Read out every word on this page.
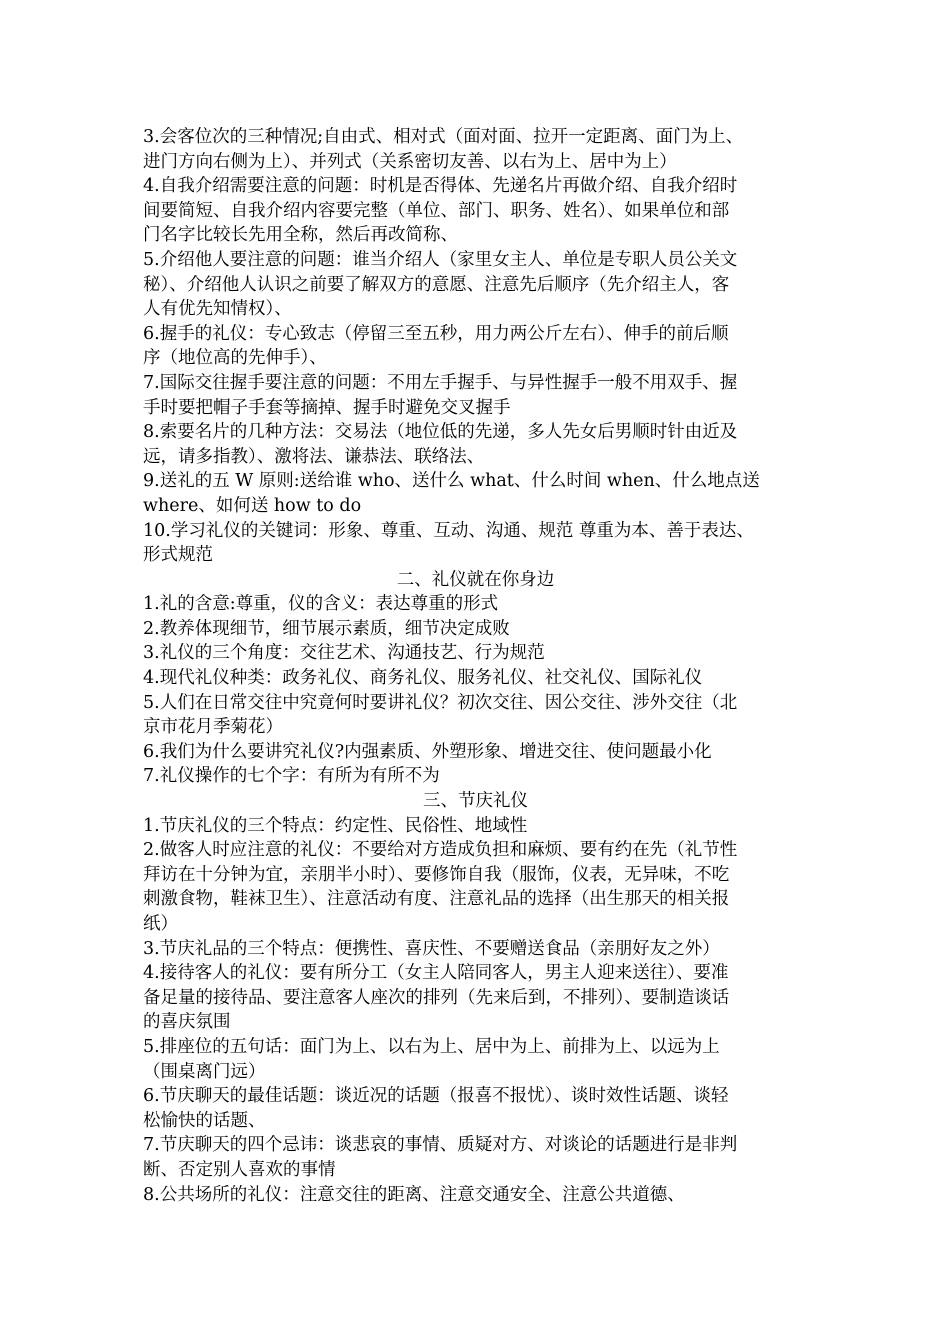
3.会客位次的三种情况;自由式、相对式（面对面、拉开一定距离、面门为上、
进门方向右侧为上）、并列式（关系密切友善、以右为上、居中为上）
4.自我介绍需要注意的问题：时机是否得体、先递名片再做介绍、自我介绍时
间要简短、自我介绍内容要完整（单位、部门、职务、姓名）、如果单位和部
门名字比较长先用全称，然后再改简称、
5.介绍他人要注意的问题：谁当介绍人（家里女主人、单位是专职人员公关文
秘）、介绍他人认识之前要了解双方的意愿、注意先后顺序（先介绍主人，客
人有优先知情权）、
6.握手的礼仪：专心致志（停留三至五秒，用力两公斤左右）、伸手的前后顺
序（地位高的先伸手）、
7.国际交往握手要注意的问题：不用左手握手、与异性握手一般不用双手、握
手时要把帽子手套等摘掉、握手时避免交叉握手
8.索要名片的几种方法：交易法（地位低的先递，多人先女后男顺时针由近及
远，请多指教）、激将法、谦恭法、联络法、
9.送礼的五 W 原则:送给谁 who、送什么 what、什么时间 when、什么地点送
where、如何送 how to do
10.学习礼仪的关键词：形象、尊重、互动、沟通、规范 尊重为本、善于表达、
形式规范
二、礼仪就在你身边
1.礼的含意:尊重，仪的含义：表达尊重的形式
2.教养体现细节，细节展示素质，细节决定成败
3.礼仪的三个角度：交往艺术、沟通技艺、行为规范
4.现代礼仪种类：政务礼仪、商务礼仪、服务礼仪、社交礼仪、国际礼仪
5.人们在日常交往中究竟何时要讲礼仪？初次交往、因公交往、涉外交往（北
京市花月季菊花）
6.我们为什么要讲究礼仪?内强素质、外塑形象、增进交往、使问题最小化
7.礼仪操作的七个字：有所为有所不为
三、节庆礼仪
1.节庆礼仪的三个特点：约定性、民俗性、地域性
2.做客人时应注意的礼仪：不要给对方造成负担和麻烦、要有约在先（礼节性
拜访在十分钟为宜，亲朋半小时）、要修饰自我（服饰，仪表，无异味，不吃
刺激食物，鞋袜卫生）、注意活动有度、注意礼品的选择（出生那天的相关报
纸）
3.节庆礼品的三个特点：便携性、喜庆性、不要赠送食品（亲朋好友之外）
4.接待客人的礼仪：要有所分工（女主人陪同客人，男主人迎来送往）、要准
备足量的接待品、要注意客人座次的排列（先来后到，不排列）、要制造谈话
的喜庆氛围
5.排座位的五句话：面门为上、以右为上、居中为上、前排为上、以远为上
（围桌离门远）
6.节庆聊天的最佳话题：谈近况的话题（报喜不报忧）、谈时效性话题、谈轻
松愉快的话题、
7.节庆聊天的四个忌讳：谈悲哀的事情、质疑对方、对谈论的话题进行是非判
断、否定别人喜欢的事情
8.公共场所的礼仪：注意交往的距离、注意交通安全、注意公共道德、
